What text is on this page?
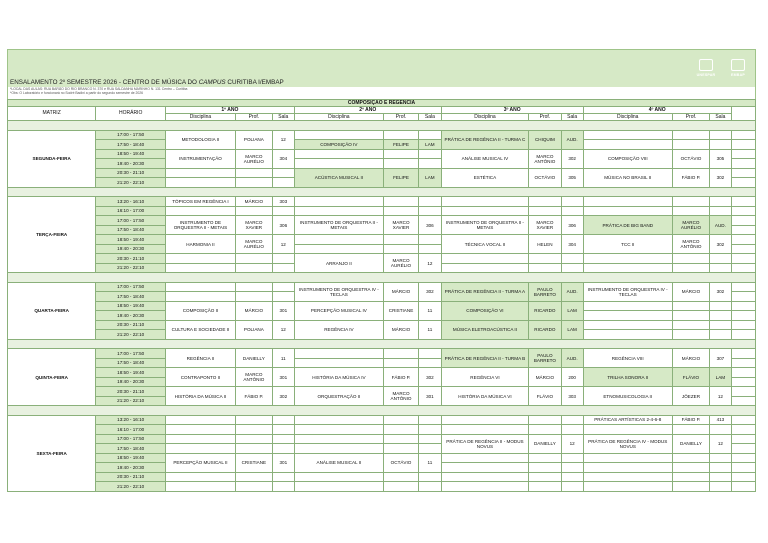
ENSALAMENTO 2º SEMESTRE 2026 - CENTRO DE MÚSICA DO CAMPUS CURITIBA I/EMBAP
UNESPAR	EMBAP
*LOCAL DAS AULAS: RUA BARÃO DO RIO BRANCO N. 370 e RUA SALDANHA MARINHO N. 131 Centro – Curitiba
*Obs: O Laboratório e funcionará no Sodré Badini a partir do segundo semestre de 2026
COMPOSIÇÃO E REGÊNCIA														
MATRIZ	HORÁRIO	1º ANO			2º ANO			3º ANO			4º ANO			
		Disciplina	Prof.	Sala	Disciplina	Prof.	Sala	Disciplina	Prof.	Sala	Disciplina	Prof.	Sala	

SEGUNDA-FEIRA	17:00 - 17:50	METODOLOGIA II	POLIANA	12				PRÁTICA DE REGÊNCIA II - TURMA C	CHIQUIM	AUD.				
	17:50 - 18:40				COMPOSIÇÃO IV	FELIPE	LAM							
	18:50 - 19:40	INSTRUMENTAÇÃO	MARCO AURÉLIO	304				ANÁLISE MUSICAL IV	MARCO ANTÔNIO	302	COMPOSIÇÃO VIII	OCTÁVIO	305	
	19:40 - 20:30													
	20:30 - 21:10				ACÚSTICA MUSICAL II	FELIPE	LAM	ESTÉTICA	OCTÁVIO	305	MÚSICA NO BRASIL II	FÁBIO P.	302	
	21:20 - 22:10													

TERÇA-FEIRA	13:20 - 16:10	TÓPICOS EM REGÊNCIA I	MÁRCIO	303										
	16:10 - 17:00													
	17:00 - 17:50	INSTRUMENTO DE ORQUESTRA II - METAIS	MARCO XAVIER	306	INSTRUMENTO DE ORQUESTRA II - METAIS	MARCO XAVIER	306	INSTRUMENTO DE ORQUESTRA II - METAIS	MARCO XAVIER	306	PRÁTICA DE BIG BAND	MARCO AURÉLIO	AUD.	
	17:50 - 18:40													
	18:50 - 19:40	HARMONIA II	MARCO AURÉLIO	12				TÉCNICA VOCAL II	HELEN	304	TCC II	MARCO ANTÔNIO	302	
	19:40 - 20:30													
	20:30 - 21:10				ARRANJO II	MARCO AURÉLIO	12							
	21:20 - 22:10													

QUARTA-FEIRA	17:00 - 17:50				INSTRUMENTO DE ORQUESTRA IV - TECLAS	MÁRCIO	302	PRÁTICA DE REGÊNCIA II - TURMA A	PAULO BARRETO	AUD.	INSTRUMENTO DE ORQUESTRA IV - TECLAS	MÁRCIO	302	
	17:50 - 18:40													
	18:50 - 19:40	COMPOSIÇÃO II	MÁRCIO	301	PERCEPÇÃO MUSICAL IV	CRISTIANE	11	COMPOSIÇÃO VI	RICARDO	LAM				
	19:40 - 20:30													
	20:30 - 21:10	CULTURA E SOCIEDADE II	POLIANA	12	REGÊNCIA IV	MÁRCIO	11	MÚSICA ELETROACÚSTICA II	RICARDO	LAM				
	21:20 - 22:10													

QUINTA-FEIRA	17:00 - 17:50	REGÊNCIA II	DANIELLY	11				PRÁTICA DE REGÊNCIA II - TURMA B	PAULO BARRETO	AUD.	REGÊNCIA VIII	MÁRCIO	307	
	17:50 - 18:40													
	18:50 - 19:40	CONTRAPONTO II	MARCO ANTÔNIO	301	HISTÓRIA DA MÚSICA IV	FÁBIO P.	302	REGÊNCIA VI	MÁRCIO	200	TRILHA SONORA II	FLÁVIO	LAM	
	19:40 - 20:30													
	20:30 - 21:10	HISTÓRIA DA MÚSICA II	FÁBIO P.	302	ORQUESTRAÇÃO II	MARCO ANTÔNIO	301	HISTÓRIA DA MÚSICA VI	FLÁVIO	303	ETNOMUSICOLOGIA II	JÖEZER	12	
	21:20 - 22:10													

SEXTA-FEIRA	13:20 - 16:10										PRÁTICAS ARTÍSTICAS 2-4-6-8	FÁBIO P.	413	
	16:10 - 17:00													
	17:00 - 17:50							PRÁTICA DE REGÊNCIA II - MODUS NOVUS	DANIELLY	12	PRÁTICA DE REGÊNCIA IV - MODUS NOVUS	DANIELLY	12	
	17:50 - 18:40													
	18:50 - 19:40	PERCEPÇÃO MUSICAL II	CRISTIANE	301	ANÁLISE MUSICAL II	OCTÁVIO	11							
	19:40 - 20:30													
	20:30 - 21:10													
	21:20 - 22:10													
